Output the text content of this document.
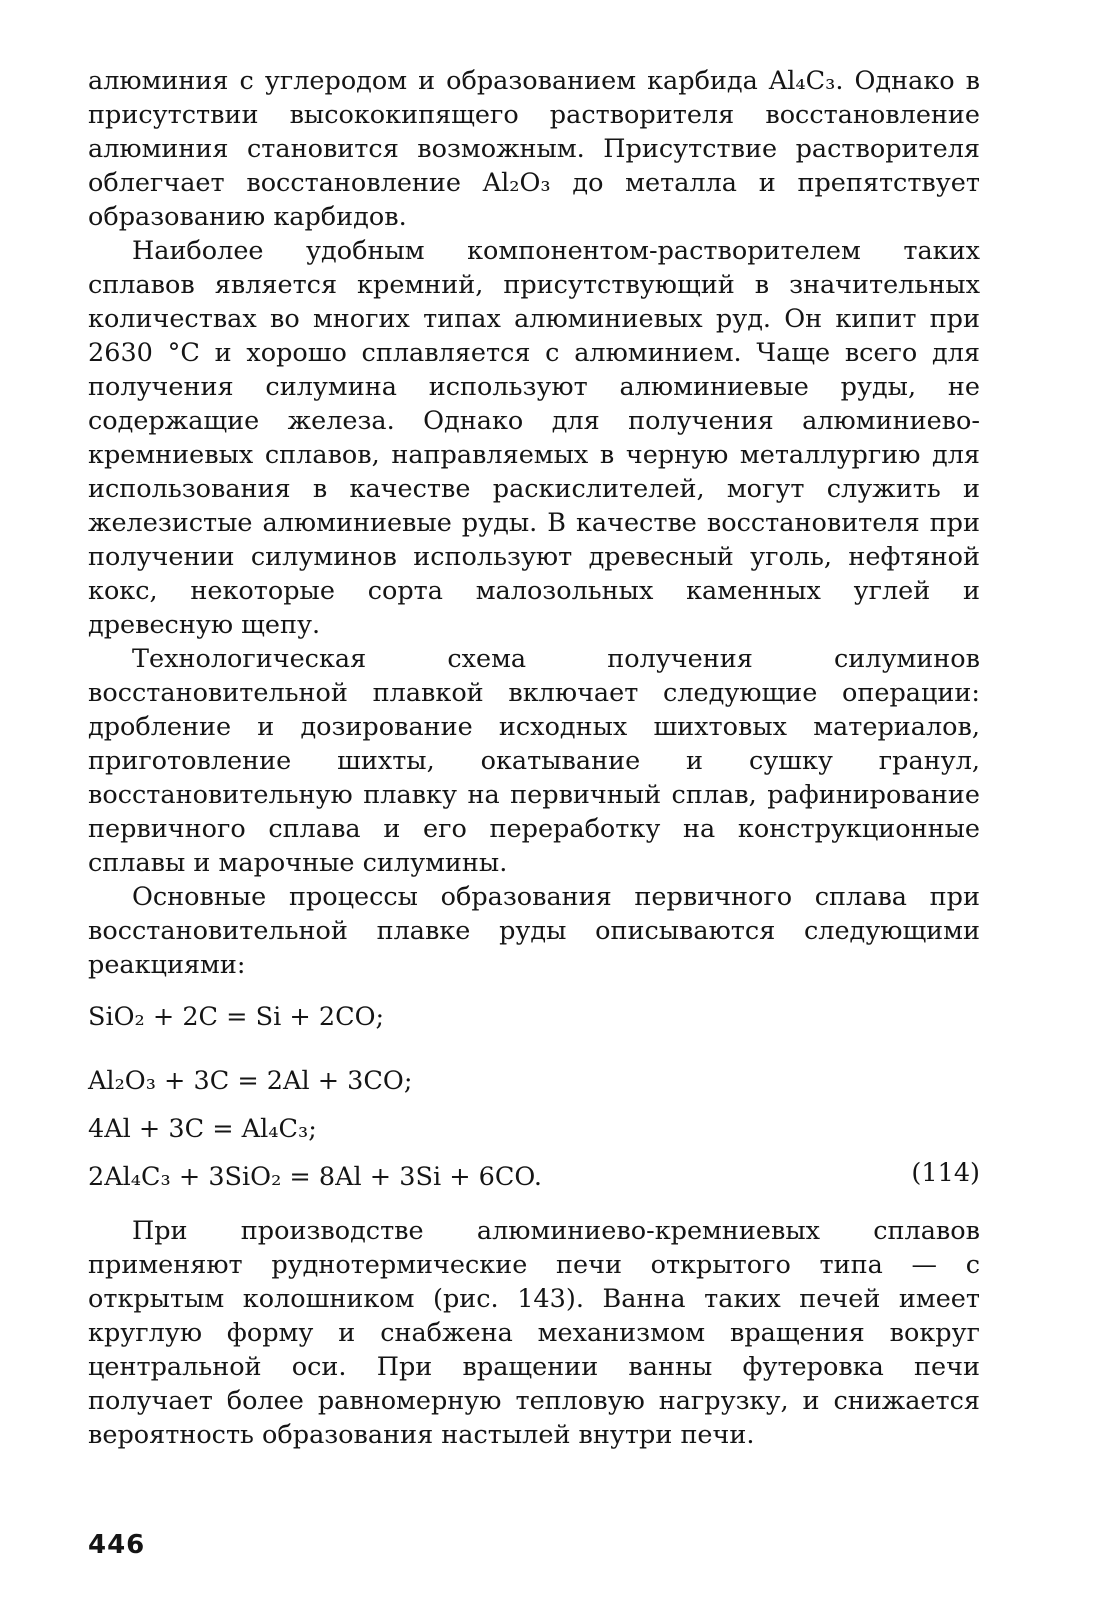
алюминия с углеродом и образованием карбида Al₄C₃. Однако в присутствии высококипящего растворителя восстановление алюминия становится возможным. Присутствие растворителя облегчает восстановление Al₂O₃ до металла и препятствует образованию карбидов.

Наиболее удобным компонентом-растворителем таких сплавов является кремний, присутствующий в значительных количествах во многих типах алюминиевых руд. Он кипит при 2630 °C и хорошо сплавляется с алюминием. Чаще всего для получения силумина используют алюминиевые руды, не содержащие железа. Однако для получения алюминиево-кремниевых сплавов, направляемых в черную металлургию для использования в качестве раскислителей, могут служить и железистые алюминиевые руды. В качестве восстановителя при получении силуминов используют древесный уголь, нефтяной кокс, некоторые сорта малозольных каменных углей и древесную щепу.

Технологическая схема получения силуминов восстановительной плавкой включает следующие операции: дробление и дозирование исходных шихтовых материалов, приготовление шихты, окатывание и сушку гранул, восстановительную плавку на первичный сплав, рафинирование первичного сплава и его переработку на конструкционные сплавы и марочные силумины.

Основные процессы образования первичного сплава при восстановительной плавке руды описываются следующими реакциями:

SiO₂ + 2C = Si + 2CO;
Al₂O₃ + 3C = 2Al + 3CO;
4Al + 3C = Al₄C₃;
2Al₄C₃ + 3SiO₂ = 8Al + 3Si + 6CO.	(114)

При производстве алюминиево-кремниевых сплавов применяют руднотермические печи открытого типа — с открытым колошником (рис. 143). Ванна таких печей имеет круглую форму и снабжена механизмом вращения вокруг центральной оси. При вращении ванны футеровка печи получает более равномерную тепловую нагрузку, и снижается вероятность образования настылей внутри печи.

446
